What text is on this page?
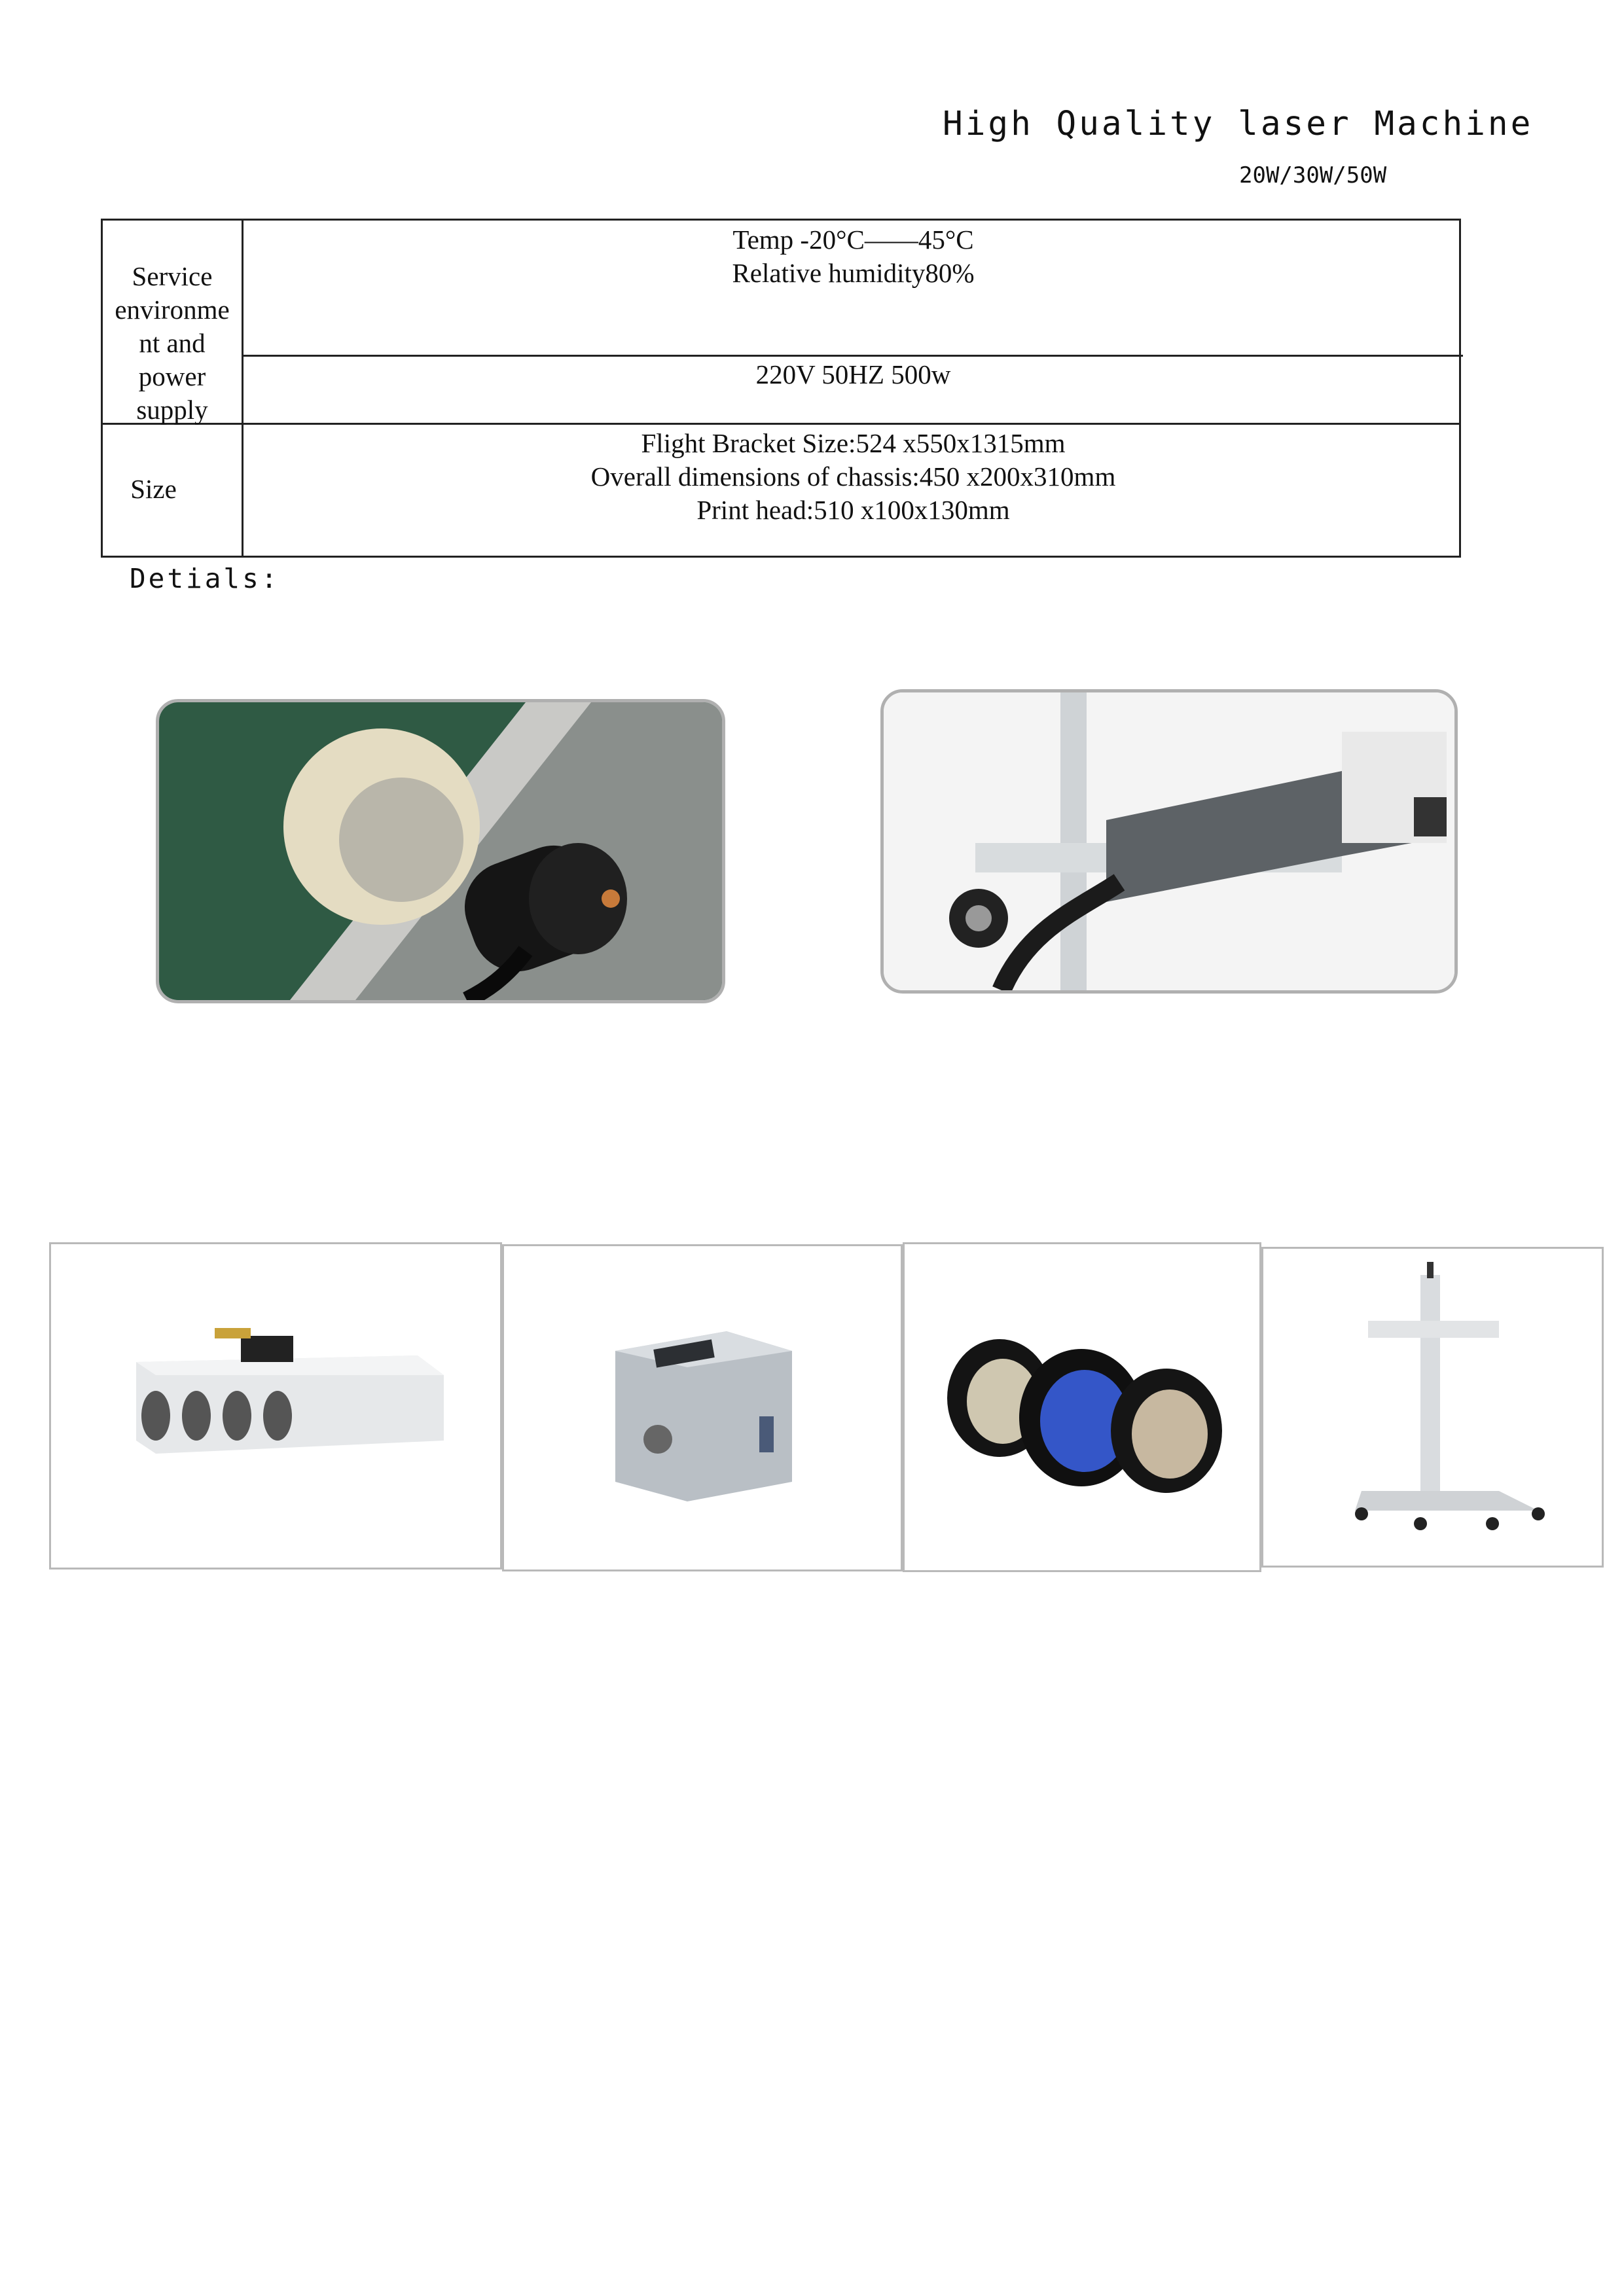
High Quality laser Machine
20W/30W/50W
Service
environme
nt and
power
supply
Temp -20°C——45°C
Relative humidity80%
220V 50HZ 500w
Size
Flight Bracket Size:524 x550x1315mm
Overall dimensions of chassis:450 x200x310mm
Print head:510 x100x130mm
Detials:
